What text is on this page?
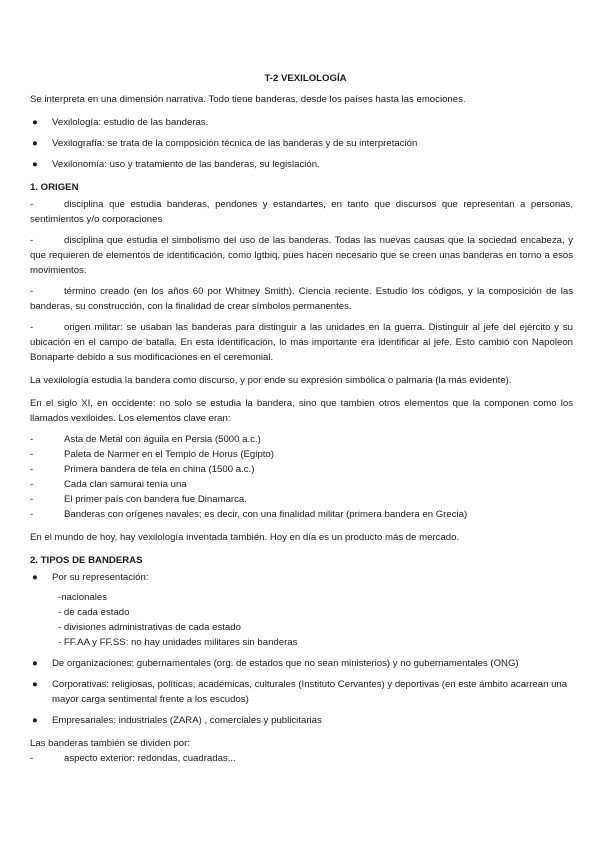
T-2 VEXILOLOGÍA

Se interpreta en una dimensión narrativa. Todo tiene banderas, desde los países hasta las emociones.

● Vexilología: estudio de las banderas.
● Vexilografía: se trata de la composición técnica de las banderas y de su interpretación
● Vexilonomía: uso y tratamiento de las banderas, su legislación.

1. ORIGEN

-	disciplina que estudia banderas, pendones y estandartes, en tanto que discursos que representan a personas, sentimientos y/o corporaciones

-	disciplina que estudia el simbolismo del uso de las banderas. Todas las nuevas causas que la sociedad encabeza, y que requieren de elementos de identificación, como lgtbiq, pues hacen necesario que se creen unas banderas en torno a esos movimientos.

-	término creado (en los años 60 por Whitney Smith). Ciencia reciente. Estudio los códigos, y la composición de las banderas, su construcción, con la finalidad de crear símbolos permanentes.

-	origen militar: se usaban las banderas para distinguir a las unidades en la guerra. Distinguir al jefe del ejército y su ubicación en el campo de batalla. En esta identificación, lo más importante era identificar al jefe. Esto cambió con Napoleon Bonaparte debido a sus modificaciones en el ceremonial.

La vexilología estudia la bandera como discurso, y por ende su expresión simbólica o palmaria (la más evidente).

En el siglo XI, en occidente: no solo se estudia la bandera, sino que tambien otros elementos que la componen como los llamados vexiloides. Los elementos clave eran:

-	Asta de Metal con águila en Persia (5000 a.c.)
-	Paleta de Narmer en el Templo de Horus (Egipto)
-	Primera bandera de tela en china (1500 a.c.)
-	Cada clan samurai tenía una
-	El primer país con bandera fue Dinamarca.
-	Banderas con orígenes navales; es decir, con una finalidad militar (primera bandera en Grecia)

En el mundo de hoy, hay vexilología inventada también. Hoy en día es un producto más de mercado.

2. TIPOS DE BANDERAS

● Por su representación:

-nacionales

- de cada estado

- divisiones administrativas de cada estado

- FF.AA y FF.SS: no hay unidades militares sin banderas

● De organizaciones: gubernamentales (org. de estados que no sean ministerios) y no gubernamentales (ONG)
● Corporativas: religiosas, políticas, académicas, culturales (Instituto Cervantes) y deportivas (en este ámbito acarrean una mayor carga sentimental frente a los escudos)
● Empresariales: industriales (ZARA) , comerciales y publicitarias

Las banderas también se dividen por:

-	aspecto exterior: redondas, cuadradas...
